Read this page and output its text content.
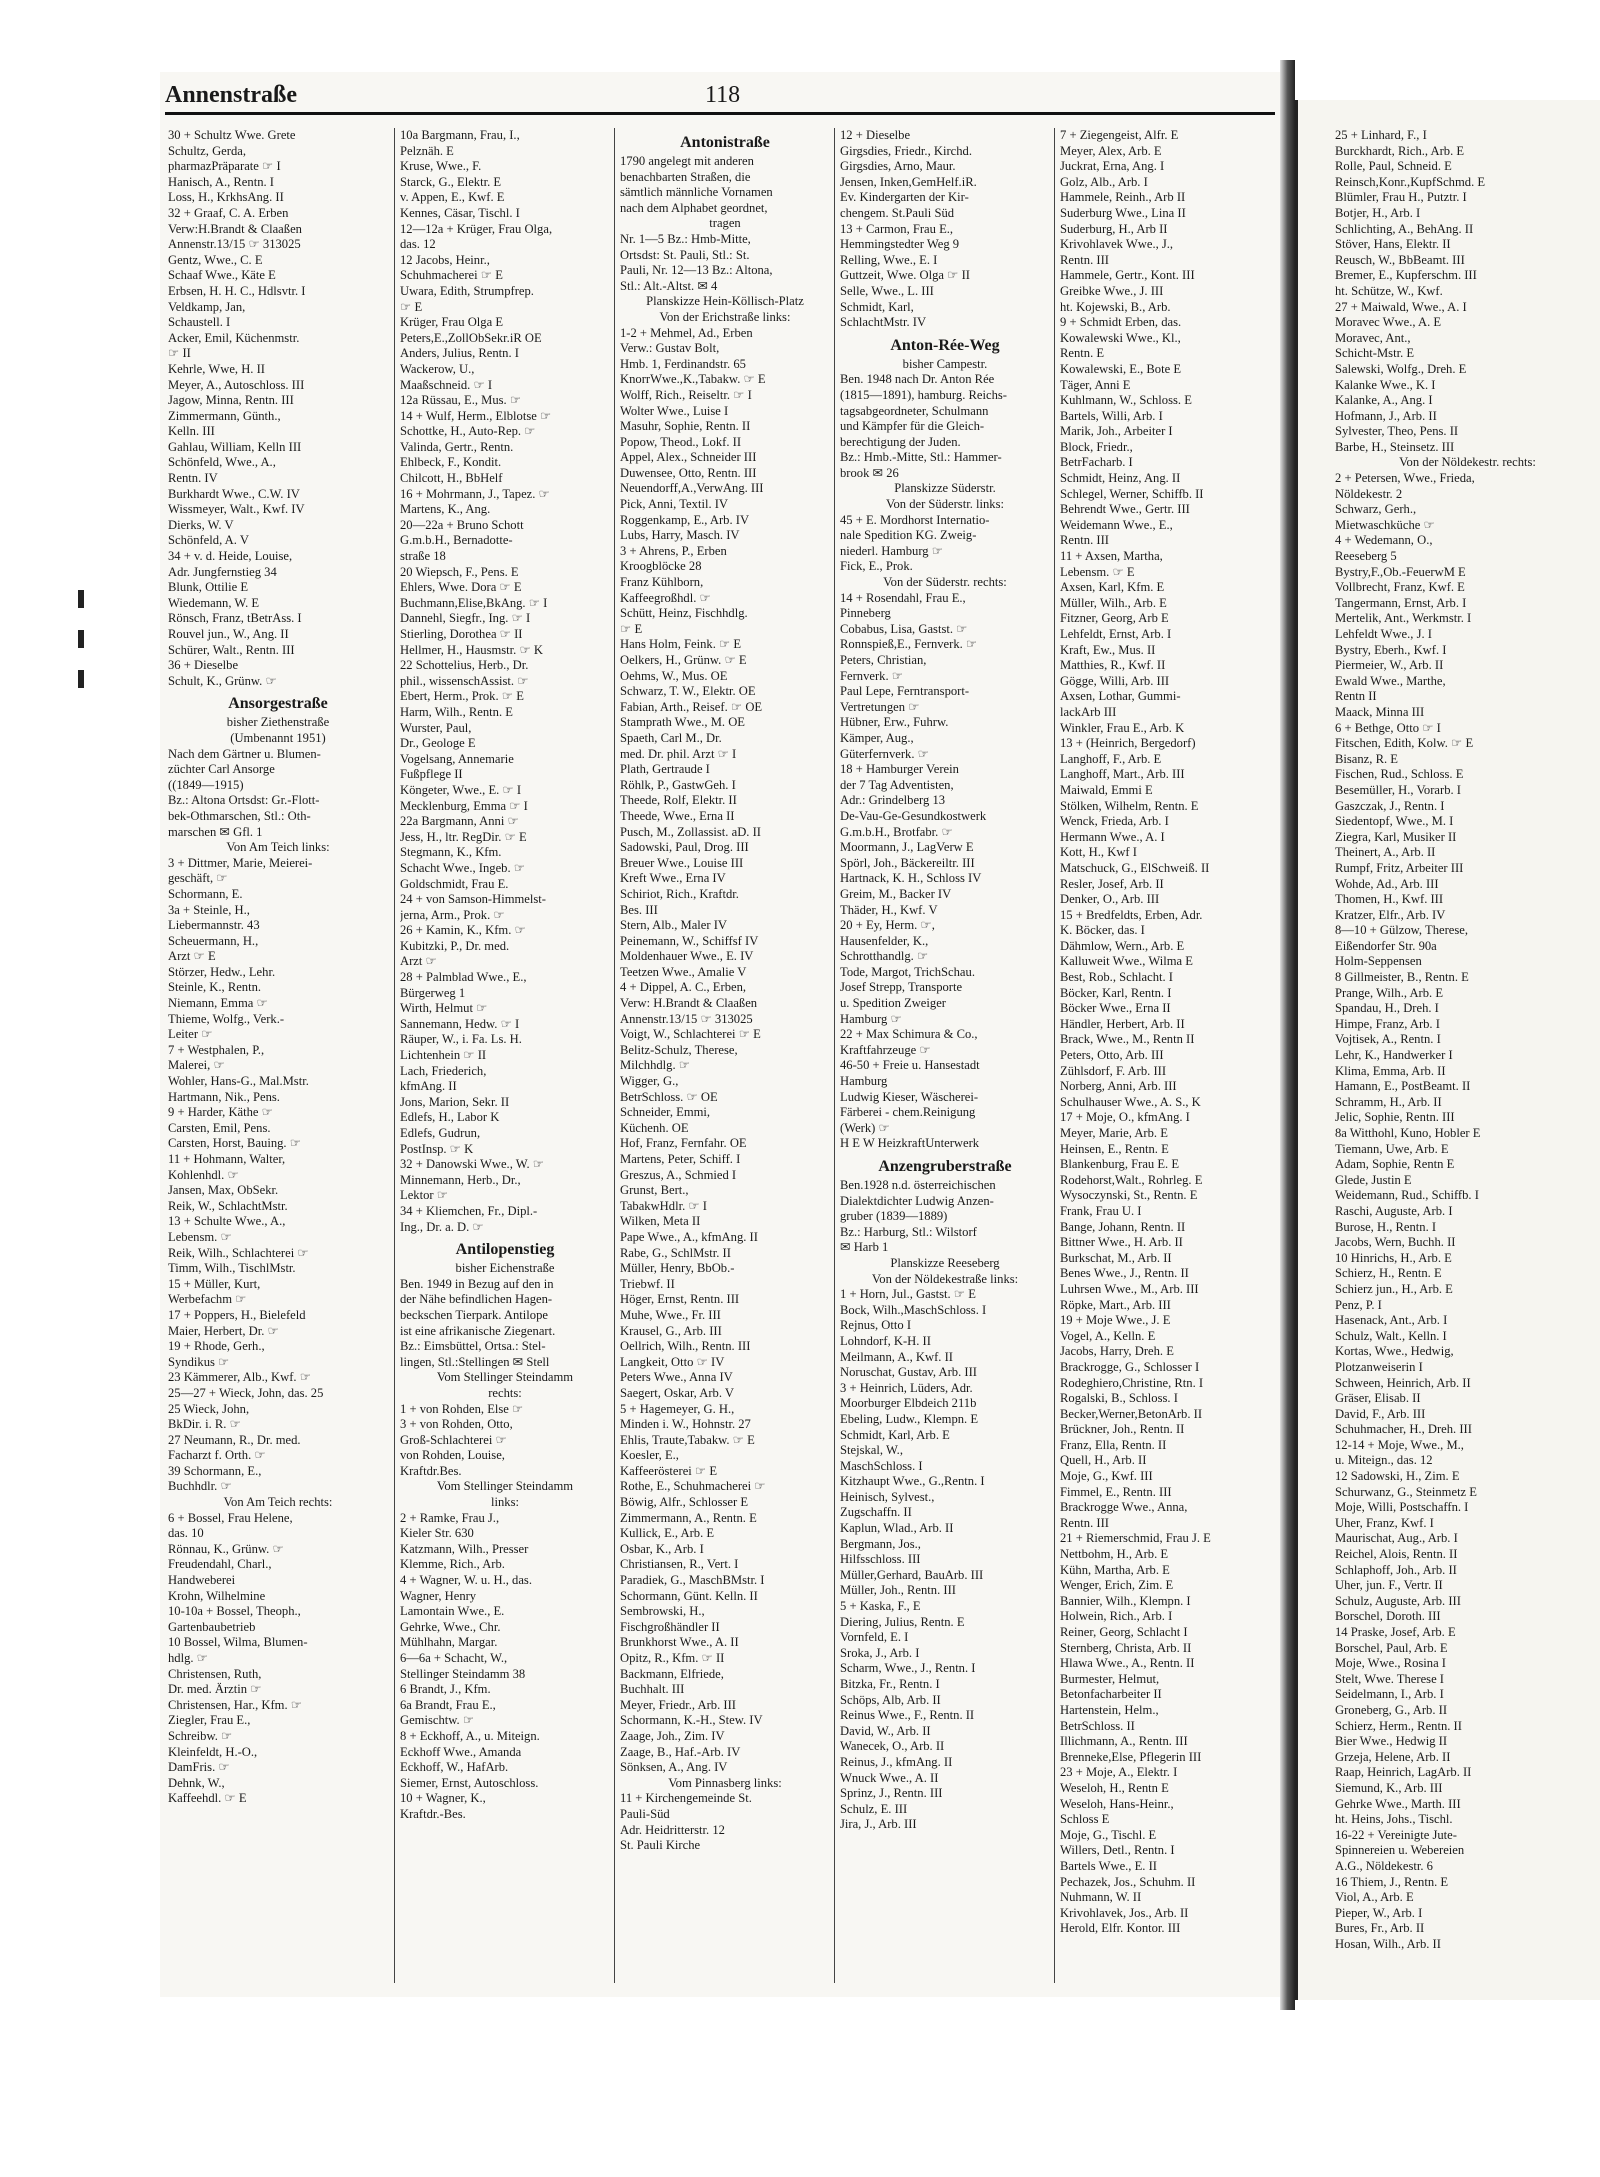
Annenstraße	118
30 + Schultz Wwe. Grete
Schultz, Gerda,
pharmazPräparate ☞ I
Hanisch, A., Rentn. I
Loss, H., KrkhsAng. II
32 + Graaf, C. A. Erben
Verw:H.Brandt & Claaßen
Annenstr.13/15 ☞ 313025
Gentz, Wwe., C. E
Schaaf Wwe., Käte E
Erbsen, H. H. C., Hdlsvtr. I
Veldkamp, Jan,
Schaustell. I
Acker, Emil, Küchenmstr.
☞ II
Kehrle, Wwe, H. II
Meyer, A., Autoschloss. III
Jagow, Minna, Rentn. III
Zimmermann, Günth.,
Kelln. III
Gahlau, William, Kelln III
Schönfeld, Wwe., A.,
Rentn. IV
Burkhardt Wwe., C.W. IV
Wissmeyer, Walt., Kwf. IV
Dierks, W. V
Schönfeld, A. V
34 + v. d. Heide, Louise,
Adr. Jungfernstieg 34
Blunk, Ottilie E
Wiedemann, W. E
Rönsch, Franz, tBetrAss. I
Rouvel jun., W., Ang. II
Schürer, Walt., Rentn. III
36 + Dieselbe
Schult, K., Grünw. ☞
Ansorgestraße
bisher Ziethenstraße
(Umbenannt 1951)
Nach dem Gärtner u. Blumen-
züchter Carl Ansorge
((1849—1915)
Bz.: Altona Ortsdst: Gr.-Flott-
bek-Othmarschen, Stl.: Oth-
marschen ✉ Gfl. 1
Von Am Teich links:
3 + Dittmer, Marie, Meierei-
geschäft, ☞
Schormann, E.
3a + Steinle, H.,
Liebermannstr. 43
Scheuermann, H.,
Arzt ☞ E
Störzer, Hedw., Lehr.
Steinle, K., Rentn.
Niemann, Emma ☞
Thieme, Wolfg., Verk.-
Leiter ☞
7 + Westphalen, P.,
Malerei, ☞
Wohler, Hans-G., Mal.Mstr.
Hartmann, Nik., Pens.
9 + Harder, Käthe ☞
Carsten, Emil, Pens.
Carsten, Horst, Bauing. ☞
11 + Hohmann, Walter,
Kohlenhdl. ☞
Jansen, Max, ObSekr.
Reik, W., SchlachtMstr.
13 + Schulte Wwe., A.,
Lebensm. ☞
Reik, Wilh., Schlachterei ☞
Timm, Wilh., TischlMstr.
15 + Müller, Kurt,
Werbefachm ☞
17 + Poppers, H., Bielefeld
Maier, Herbert, Dr. ☞
19 + Rhode, Gerh.,
Syndikus ☞
23 Kämmerer, Alb., Kwf. ☞
25—27 + Wieck, John, das. 25
25 Wieck, John,
BkDir. i. R. ☞
27 Neumann, R., Dr. med.
Facharzt f. Orth. ☞
39 Schormann, E.,
Buchhdlr. ☞
Von Am Teich rechts:
6 + Bossel, Frau Helene,
das. 10
Rönnau, K., Grünw. ☞
Freudendahl, Charl.,
Handweberei
Krohn, Wilhelmine
10-10a + Bossel, Theoph.,
Gartenbaubetrieb
10 Bossel, Wilma, Blumen-
hdlg. ☞
Christensen, Ruth,
Dr. med. Ärztin ☞
Christensen, Har., Kfm. ☞
Ziegler, Frau E.,
Schreibw. ☞
Kleinfeldt, H.-O.,
DamFris. ☞
Dehnk, W.,
Kaffeehdl. ☞ E
10a Bargmann, Frau, I.,
Pelznäh. E
Kruse, Wwe., F.
Starck, G., Elektr. E
v. Appen, E., Kwf. E
Kennes, Cäsar, Tischl. I
12—12a + Krüger, Frau Olga,
das. 12
12 Jacobs, Heinr.,
Schuhmacherei ☞ E
Uwara, Edith, Strumpfrep.
☞ E
Krüger, Frau Olga E
Peters,E.,ZollObSekr.iR OE
Anders, Julius, Rentn. I
Wackerow, U.,
Maaßschneid. ☞ I
12a Rüssau, E., Mus. ☞
14 + Wulf, Herm., Elblotse ☞
Schottke, H., Auto-Rep. ☞
Valinda, Gertr., Rentn.
Ehlbeck, F., Kondit.
Chilcott, H., BbHelf
16 + Mohrmann, J., Tapez. ☞
Martens, K., Ang.
20—22a + Bruno Schott
G.m.b.H., Bernadotte-
straße 18
20 Wiepsch, F., Pens. E
Ehlers, Wwe. Dora ☞ E
Buchmann,Elise,BkAng. ☞ I
Dannehl, Siegfr., Ing. ☞ I
Stierling, Dorothea ☞ II
Hellmer, H., Hausmstr. ☞ K
22 Schottelius, Herb., Dr.
phil., wissenschAssist. ☞
Ebert, Herm., Prok. ☞ E
Harm, Wilh., Rentn. E
Wurster, Paul,
Dr., Geologe E
Vogelsang, Annemarie
Fußpflege II
Köngeter, Wwe., E. ☞ I
Mecklenburg, Emma ☞ I
22a Bargmann, Anni ☞
Jess, H., ltr. RegDir. ☞ E
Stegmann, K., Kfm.
Schacht Wwe., Ingeb. ☞
Goldschmidt, Frau E.
24 + von Samson-Himmelst-
jerna, Arm., Prok. ☞
26 + Kamin, K., Kfm. ☞
Kubitzki, P., Dr. med.
Arzt ☞
28 + Palmblad Wwe., E.,
Bürgerweg 1
Wirth, Helmut ☞
Sannemann, Hedw. ☞ I
Räuper, W., i. Fa. Ls. H.
Lichtenhein ☞ II
Lach, Friederich,
kfmAng. II
Jons, Marion, Sekr. II
Edlefs, H., Labor K
Edlefs, Gudrun,
PostInsp. ☞ K
32 + Danowski Wwe., W. ☞
Minnemann, Herb., Dr.,
Lektor ☞
34 + Kliemchen, Fr., Dipl.-
Ing., Dr. a. D. ☞
Antilopenstieg
bisher Eichenstraße
Ben. 1949 in Bezug auf den in
der Nähe befindlichen Hagen-
beckschen Tierpark. Antilope
ist eine afrikanische Ziegenart.
Bz.: Eimsbüttel, Ortsa.: Stel-
lingen, Stl.:Stellingen ✉ Stell
Vom Stellinger Steindamm
rechts:
1 + von Rohden, Else ☞
3 + von Rohden, Otto,
Groß-Schlachterei ☞
von Rohden, Louise,
Kraftdr.Bes.
Vom Stellinger Steindamm
links:
2 + Ramke, Frau J.,
Kieler Str. 630
Katzmann, Wilh., Presser
Klemme, Rich., Arb.
4 + Wagner, W. u. H., das.
Wagner, Henry
Lamontain Wwe., E.
Gehrke, Wwe., Chr.
Mühlhahn, Margar.
6—6a + Schacht, W.,
Stellinger Steindamm 38
6 Brandt, J., Kfm.
6a Brandt, Frau E.,
Gemischtw. ☞
8 + Eckhoff, A., u. Miteign.
Eckhoff Wwe., Amanda
Eckhoff, W., HafArb.
Siemer, Ernst, Autoschloss.
10 + Wagner, K.,
Kraftdr.-Bes.
Antonistraße
1790 angelegt mit anderen
benachbarten Straßen, die
sämtlich männliche Vornamen
nach dem Alphabet geordnet,
tragen
Nr. 1—5 Bz.: Hmb-Mitte,
Ortsdst: St. Pauli, Stl.: St.
Pauli, Nr. 12—13 Bz.: Altona,
Stl.: Alt.-Altst. ✉ 4
Planskizze Hein-Köllisch-Platz
Von der Erichstraße links:
1-2 + Mehmel, Ad., Erben
Verw.: Gustav Bolt,
Hmb. 1, Ferdinandstr. 65
KnorrWwe.,K.,Tabakw. ☞ E
Wolff, Rich., Reiseltr. ☞ I
Wolter Wwe., Luise I
Masuhr, Sophie, Rentn. II
Popow, Theod., Lokf. II
Appel, Alex., Schneider III
Duwensee, Otto, Rentn. III
Neuendorff,A.,VerwAng. III
Pick, Anni, Textil. IV
Roggenkamp, E., Arb. IV
Lubs, Harry, Masch. IV
3 + Ahrens, P., Erben
Kroogblöcke 28
Franz Kühlborn,
Kaffeegroßhdl. ☞
Schütt, Heinz, Fischhdlg.
☞ E
Hans Holm, Feink. ☞ E
Oelkers, H., Grünw. ☞ E
Oehms, W., Mus. OE
Schwarz, T. W., Elektr. OE
Fabian, Arth., Reisef. ☞ OE
Stamprath Wwe., M. OE
Spaeth, Carl M., Dr.
med. Dr. phil. Arzt ☞ I
Plath, Gertraude I
Röhlk, P., GastwGeh. I
Theede, Rolf, Elektr. II
Theede, Wwe., Erna II
Pusch, M., Zollassist. aD. II
Sadowski, Paul, Drog. III
Breuer Wwe., Louise III
Kreft Wwe., Erna IV
Schiriot, Rich., Kraftdr.
Bes. III
Stern, Alb., Maler IV
Peinemann, W., Schiffsf IV
Moldenhauer Wwe., E. IV
Teetzen Wwe., Amalie V
4 + Dippel, A. C., Erben,
Verw: H.Brandt & Claaßen
Annenstr.13/15 ☞ 313025
Voigt, W., Schlachterei ☞ E
Belitz-Schulz, Therese,
Milchhdlg. ☞
Wigger, G.,
BetrSchloss. ☞ OE
Schneider, Emmi,
Küchenh. OE
Hof, Franz, Fernfahr. OE
Martens, Peter, Schiff. I
Greszus, A., Schmied I
Grunst, Bert.,
TabakwHdlr. ☞ I
Wilken, Meta II
Pape Wwe., A., kfmAng. II
Rabe, G., SchlMstr. II
Müller, Henry, BbOb.-
Triebwf. II
Höger, Ernst, Rentn. III
Muhe, Wwe., Fr. III
Krausel, G., Arb. III
Oellrich, Wilh., Rentn. III
Langkeit, Otto ☞ IV
Peters Wwe., Anna IV
Saegert, Oskar, Arb. V
5 + Hagemeyer, G. H.,
Minden i. W., Hohnstr. 27
Ehlis, Traute,Tabakw. ☞ E
Koesler, E.,
Kaffeerösterei ☞ E
Rothe, E., Schuhmacherei ☞
Böwig, Alfr., Schlosser E
Zimmermann, A., Rentn. E
Kullick, E., Arb. E
Osbar, K., Arb. I
Christiansen, R., Vert. I
Paradiek, G., MaschBMstr. I
Schormann, Günt. Kelln. II
Sembrowski, H.,
Fischgroßhändler II
Brunkhorst Wwe., A. II
Opitz, R., Kfm. ☞ II
Backmann, Elfriede,
Buchhalt. III
Meyer, Friedr., Arb. III
Schormann, K.-H., Stew. IV
Zaage, Joh., Zim. IV
Zaage, B., Haf.-Arb. IV
Sönksen, A., Ang. IV
Vom Pinnasberg links:
11 + Kirchengemeinde St.
Pauli-Süd
Adr. Heidritterstr. 12
St. Pauli Kirche
12 + Dieselbe
Girgsdies, Friedr., Kirchd.
Girgsdies, Arno, Maur.
Jensen, Inken,GemHelf.iR.
Ev. Kindergarten der Kir-
chengem. St.Pauli Süd
13 + Carmon, Frau E.,
Hemmingstedter Weg 9
Relling, Wwe., E. I
Guttzeit, Wwe. Olga ☞ II
Selle, Wwe., L. III
Schmidt, Karl,
SchlachtMstr. IV
Anton-Rée-Weg
bisher Campestr.
Ben. 1948 nach Dr. Anton Rée
(1815—1891), hamburg. Reichs-
tagsabgeordneter, Schulmann
und Kämpfer für die Gleich-
berechtigung der Juden.
Bz.: Hmb.-Mitte, Stl.: Hammer-
brook ✉ 26
Planskizze Süderstr.
Von der Süderstr. links:
45 + E. Mordhorst Internatio-
nale Spedition KG. Zweig-
niederl. Hamburg ☞
Fick, E., Prok.
Von der Süderstr. rechts:
14 + Rosendahl, Frau E.,
Pinneberg
Cobabus, Lisa, Gastst. ☞
Ronnspieß,E., Fernverk. ☞
Peters, Christian,
Fernverk. ☞
Paul Lepe, Ferntransport-
Vertretungen ☞
Hübner, Erw., Fuhrw.
Kämper, Aug.,
Güterfernverk. ☞
18 + Hamburger Verein
der 7 Tag Adventisten,
Adr.: Grindelberg 13
De-Vau-Ge-Gesundkostwerk
G.m.b.H., Brotfabr. ☞
Moormann, J., LagVerw E
Spörl, Joh., Bäckereiltr. III
Hartnack, K. H., Schloss IV
Greim, M., Backer IV
Thäder, H., Kwf. V
20 + Ey, Herm. ☞,
Hausenfelder, K.,
Schrotthandlg. ☞
Tode, Margot, TrichSchau.
Josef Strepp, Transporte
u. Spedition Zweiger
Hamburg ☞
22 + Max Schimura & Co.,
Kraftfahrzeuge ☞
46-50 + Freie u. Hansestadt
Hamburg
Ludwig Kieser, Wäscherei-
Färberei - chem.Reinigung
(Werk) ☞
H E W HeizkraftUnterwerk
Anzengruberstraße
Ben.1928 n.d. österreichischen
Dialektdichter Ludwig Anzen-
gruber (1839—1889)
Bz.: Harburg, Stl.: Wilstorf
✉ Harb 1
Planskizze Reeseberg
Von der Nöldekestraße links:
1 + Horn, Jul., Gastst. ☞ E
Bock, Wilh.,MaschSchloss. I
Rejnus, Otto I
Lohndorf, K-H. II
Meilmann, A., Kwf. II
Noruschat, Gustav, Arb. III
3 + Heinrich, Lüders, Adr.
Moorburger Elbdeich 211b
Ebeling, Ludw., Klempn. E
Schmidt, Karl, Arb. E
Stejskal, W.,
MaschSchloss. I
Kitzhaupt Wwe., G.,Rentn. I
Heinisch, Sylvest.,
Zugschaffn. II
Kaplun, Wlad., Arb. II
Bergmann, Jos.,
Hilfsschloss. III
Müller,Gerhard, BauArb. III
Müller, Joh., Rentn. III
5 + Kaska, F., E
Diering, Julius, Rentn. E
Vornfeld, E. I
Sroka, J., Arb. I
Scharm, Wwe., J., Rentn. I
Bitzka, Fr., Rentn. I
Schöps, Alb, Arb. II
Reinus Wwe., F., Rentn. II
David, W., Arb. II
Wanecek, O., Arb. II
Reinus, J., kfmAng. II
Wnuck Wwe., A. II
Sprinz, J., Rentn. III
Schulz, E. III
Jira, J., Arb. III
7 + Ziegengeist, Alfr. E
Meyer, Alex, Arb. E
Juckrat, Erna, Ang. I
Golz, Alb., Arb. I
Hammele, Reinh., Arb II
Suderburg Wwe., Lina II
Suderburg, H., Arb II
Krivohlavek Wwe., J.,
Rentn. III
Hammele, Gertr., Kont. III
Greibke Wwe., J. III
ht. Kojewski, B., Arb.
9 + Schmidt Erben, das.
Kowalewski Wwe., Kl.,
Rentn. E
Kowalewski, E., Bote E
Täger, Anni E
Kuhlmann, W., Schloss. E
Bartels, Willi, Arb. I
Marik, Joh., Arbeiter I
Block, Friedr.,
BetrFacharb. I
Schmidt, Heinz, Ang. II
Schlegel, Werner, Schiffb. II
Behrendt Wwe., Gertr. III
Weidemann Wwe., E.,
Rentn. III
11 + Axsen, Martha,
Lebensm. ☞ E
Axsen, Karl, Kfm. E
Müller, Wilh., Arb. E
Fitzner, Georg, Arb E
Lehfeldt, Ernst, Arb. I
Kraft, Ew., Mus. II
Matthies, R., Kwf. II
Gögge, Willi, Arb. III
Axsen, Lothar, Gummi-
lackArb III
Winkler, Frau E., Arb. K
13 + (Heinrich, Bergedorf)
Langhoff, F., Arb. E
Langhoff, Mart., Arb. III
Maiwald, Emmi E
Stölken, Wilhelm, Rentn. E
Wenck, Frieda, Arb. I
Hermann Wwe., A. I
Kott, H., Kwf I
Matschuck, G., ElSchweiß. II
Resler, Josef, Arb. II
Denker, O., Arb. III
15 + Bredfeldts, Erben, Adr.
K. Böcker, das. I
Dähmlow, Wern., Arb. E
Kalluweit Wwe., Wilma E
Best, Rob., Schlacht. I
Böcker, Karl, Rentn. I
Böcker Wwe., Erna II
Händler, Herbert, Arb. II
Brack, Wwe., M., Rentn II
Peters, Otto, Arb. III
Zühlsdorf, F. Arb. III
Norberg, Anni, Arb. III
Schulhauser Wwe., A. S., K
17 + Moje, O., kfmAng. I
Meyer, Marie, Arb. E
Heinsen, E., Rentn. E
Blankenburg, Frau E. E
Rodehorst,Walt., Rohrleg. E
Wysoczynski, St., Rentn. E
Frank, Frau U. I
Bange, Johann, Rentn. II
Bittner Wwe., H. Arb. II
Burkschat, M., Arb. II
Benes Wwe., J., Rentn. II
Luhrsen Wwe., M., Arb. III
Röpke, Mart., Arb. III
19 + Moje Wwe., J. E
Vogel, A., Kelln. E
Jacobs, Harry, Dreh. E
Brackrogge, G., Schlosser I
Rodeghiero,Christine, Rtn. I
Rogalski, B., Schloss. I
Becker,Werner,BetonArb. II
Brückner, Joh., Rentn. II
Franz, Ella, Rentn. II
Quell, H., Arb. II
Moje, G., Kwf. III
Fimmel, E., Rentn. III
Brackrogge Wwe., Anna,
Rentn. III
21 + Riemerschmid, Frau J. E
Nettbohm, H., Arb. E
Kühn, Martha, Arb. E
Wenger, Erich, Zim. E
Bannier, Wilh., Klempn. I
Holwein, Rich., Arb. I
Reiner, Georg, Schlacht I
Sternberg, Christa, Arb. II
Hlawa Wwe., A., Rentn. II
Burmester, Helmut,
Betonfacharbeiter II
Hartenstein, Helm.,
BetrSchloss. II
Illichmann, A., Rentn. III
Brenneke,Else, Pflegerin III
23 + Moje, A., Elektr. I
Weseloh, H., Rentn E
Weseloh, Hans-Heinr.,
Schloss E
Moje, G., Tischl. E
Willers, Detl., Rentn. I
Bartels Wwe., E. II
Pechazek, Jos., Schuhm. II
Nuhmann, W. II
Krivohlavek, Jos., Arb. II
Herold, Elfr. Kontor. III
25 + Linhard, F., I
Burckhardt, Rich., Arb. E
Rolle, Paul, Schneid. E
Reinsch,Konr.,KupfSchmd. E
Blümler, Frau H., Putztr. I
Botjer, H., Arb. I
Schlichting, A., BehAng. II
Stöver, Hans, Elektr. II
Reusch, W., BbBeamt. III
Bremer, E., Kupferschm. III
ht. Schütze, W., Kwf.
27 + Maiwald, Wwe., A. I
Moravec Wwe., A. E
Moravec, Ant.,
Schicht-Mstr. E
Salewski, Wolfg., Dreh. E
Kalanke Wwe., K. I
Kalanke, A., Ang. I
Hofmann, J., Arb. II
Sylvester, Theo, Pens. II
Barbe, H., Steinsetz. III
Von der Nöldekestr. rechts:
2 + Petersen, Wwe., Frieda,
Nöldekestr. 2
Schwarz, Gerh.,
Mietwaschküche ☞
4 + Wedemann, O.,
Reeseberg 5
Bystry,F.,Ob.-FeuerwM E
Vollbrecht, Franz, Kwf. E
Tangermann, Ernst, Arb. I
Mertelik, Ant., Werkmstr. I
Lehfeldt Wwe., J. I
Bystry, Eberh., Kwf. I
Piermeier, W., Arb. II
Ewald Wwe., Marthe,
Rentn II
Maack, Minna III
6 + Bethge, Otto ☞ I
Fitschen, Edith, Kolw. ☞ E
Bisanz, R. E
Fischen, Rud., Schloss. E
Besemüller, H., Vorarb. I
Gaszczak, J., Rentn. I
Siedentopf, Wwe., M. I
Ziegra, Karl, Musiker II
Theinert, A., Arb. II
Rumpf, Fritz, Arbeiter III
Wohde, Ad., Arb. III
Thomen, H., Kwf. III
Kratzer, Elfr., Arb. IV
8—10 + Gülzow, Therese,
Eißendorfer Str. 90a
Holm-Seppensen
8 Gillmeister, B., Rentn. E
Prange, Wilh., Arb. E
Spandau, H., Dreh. I
Himpe, Franz, Arb. I
Vojtisek, A., Rentn. I
Lehr, K., Handwerker I
Klima, Emma, Arb. II
Hamann, E., PostBeamt. II
Schramm, H., Arb. II
Jelic, Sophie, Rentn. III
8a Witthohl, Kuno, Hobler E
Tiemann, Uwe, Arb. E
Adam, Sophie, Rentn E
Glede, Justin E
Weidemann, Rud., Schiffb. I
Raschi, Auguste, Arb. I
Burose, H., Rentn. I
Jacobs, Wern, Buchh. II
10 Hinrichs, H., Arb. E
Schierz, H., Rentn. E
Schierz jun., H., Arb. E
Penz, P. I
Hasenack, Ant., Arb. I
Schulz, Walt., Kelln. I
Kortas, Wwe., Hedwig,
Plotzanweiserin I
Schween, Heinrich, Arb. II
Gräser, Elisab. II
David, F., Arb. III
Schuhmacher, H., Dreh. III
12-14 + Moje, Wwe., M.,
u. Miteign., das. 12
12 Sadowski, H., Zim. E
Schurwanz, G., Steinmetz E
Moje, Willi, Postschaffn. I
Uher, Franz, Kwf. I
Maurischat, Aug., Arb. I
Reichel, Alois, Rentn. II
Schlaphoff, Joh., Arb. II
Uher, jun. F., Vertr. II
Schulz, Auguste, Arb. III
Borschel, Doroth. III
14 Praske, Josef, Arb. E
Borschel, Paul, Arb. E
Moje, Wwe., Rosina I
Stelt, Wwe. Therese I
Seidelmann, I., Arb. I
Groneberg, G., Arb. II
Schierz, Herm., Rentn. II
Bier Wwe., Hedwig II
Grzeja, Helene, Arb. II
Raap, Heinrich, LagArb. II
Siemund, K., Arb. III
Gehrke Wwe., Marth. III
ht. Heins, Johs., Tischl.
16-22 + Vereinigte Jute-
Spinnereien u. Webereien
A.G., Nöldekestr. 6
16 Thiem, J., Rentn. E
Viol, A., Arb. E
Pieper, W., Arb. I
Bures, Fr., Arb. II
Hosan, Wilh., Arb. II
